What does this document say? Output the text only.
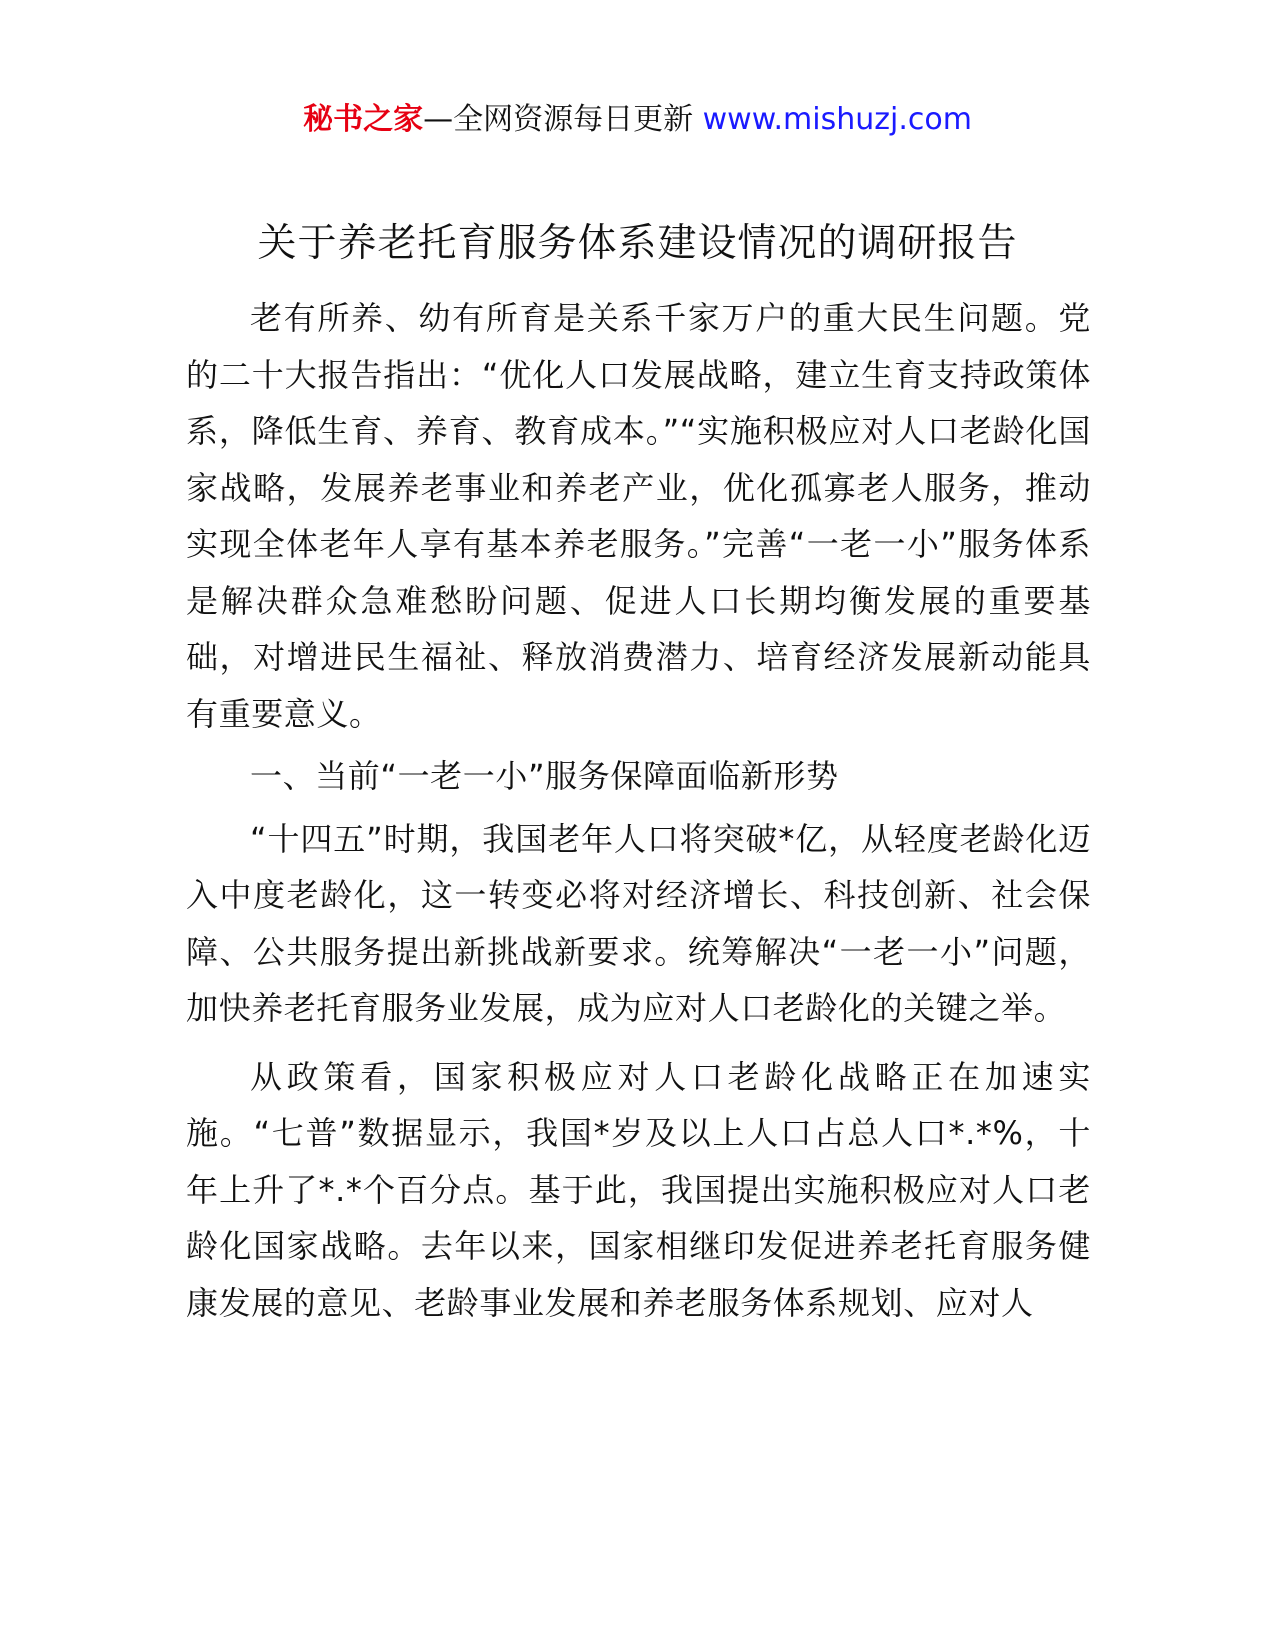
秘书之家—全网资源每日更新 www.mishuzj.com
关于养老托育服务体系建设情况的调研报告

老有所养、幼有所育是关系千家万户的重大民生问题。党的二十大报告指出：“优化人口发展战略，建立生育支持政策体系，降低生育、养育、教育成本。”“实施积极应对人口老龄化国家战略，发展养老事业和养老产业，优化孤寡老人服务，推动实现全体老年人享有基本养老服务。”完善“一老一小”服务体系是解决群众急难愁盼问题、促进人口长期均衡发展的重要基础，对增进民生福祉、释放消费潜力、培育经济发展新动能具有重要意义。

一、当前“一老一小”服务保障面临新形势

“十四五”时期，我国老年人口将突破*亿，从轻度老龄化迈入中度老龄化，这一转变必将对经济增长、科技创新、社会保障、公共服务提出新挑战新要求。统筹解决“一老一小”问题，加快养老托育服务业发展，成为应对人口老龄化的关键之举。

从政策看，国家积极应对人口老龄化战略正在加速实施。“七普”数据显示，我国*岁及以上人口占总人口*.*%，十年上升了*.*个百分点。基于此，我国提出实施积极应对人口老龄化国家战略。去年以来，国家相继印发促进养老托育服务健康发展的意见、老龄事业发展和养老服务体系规划、应对人
